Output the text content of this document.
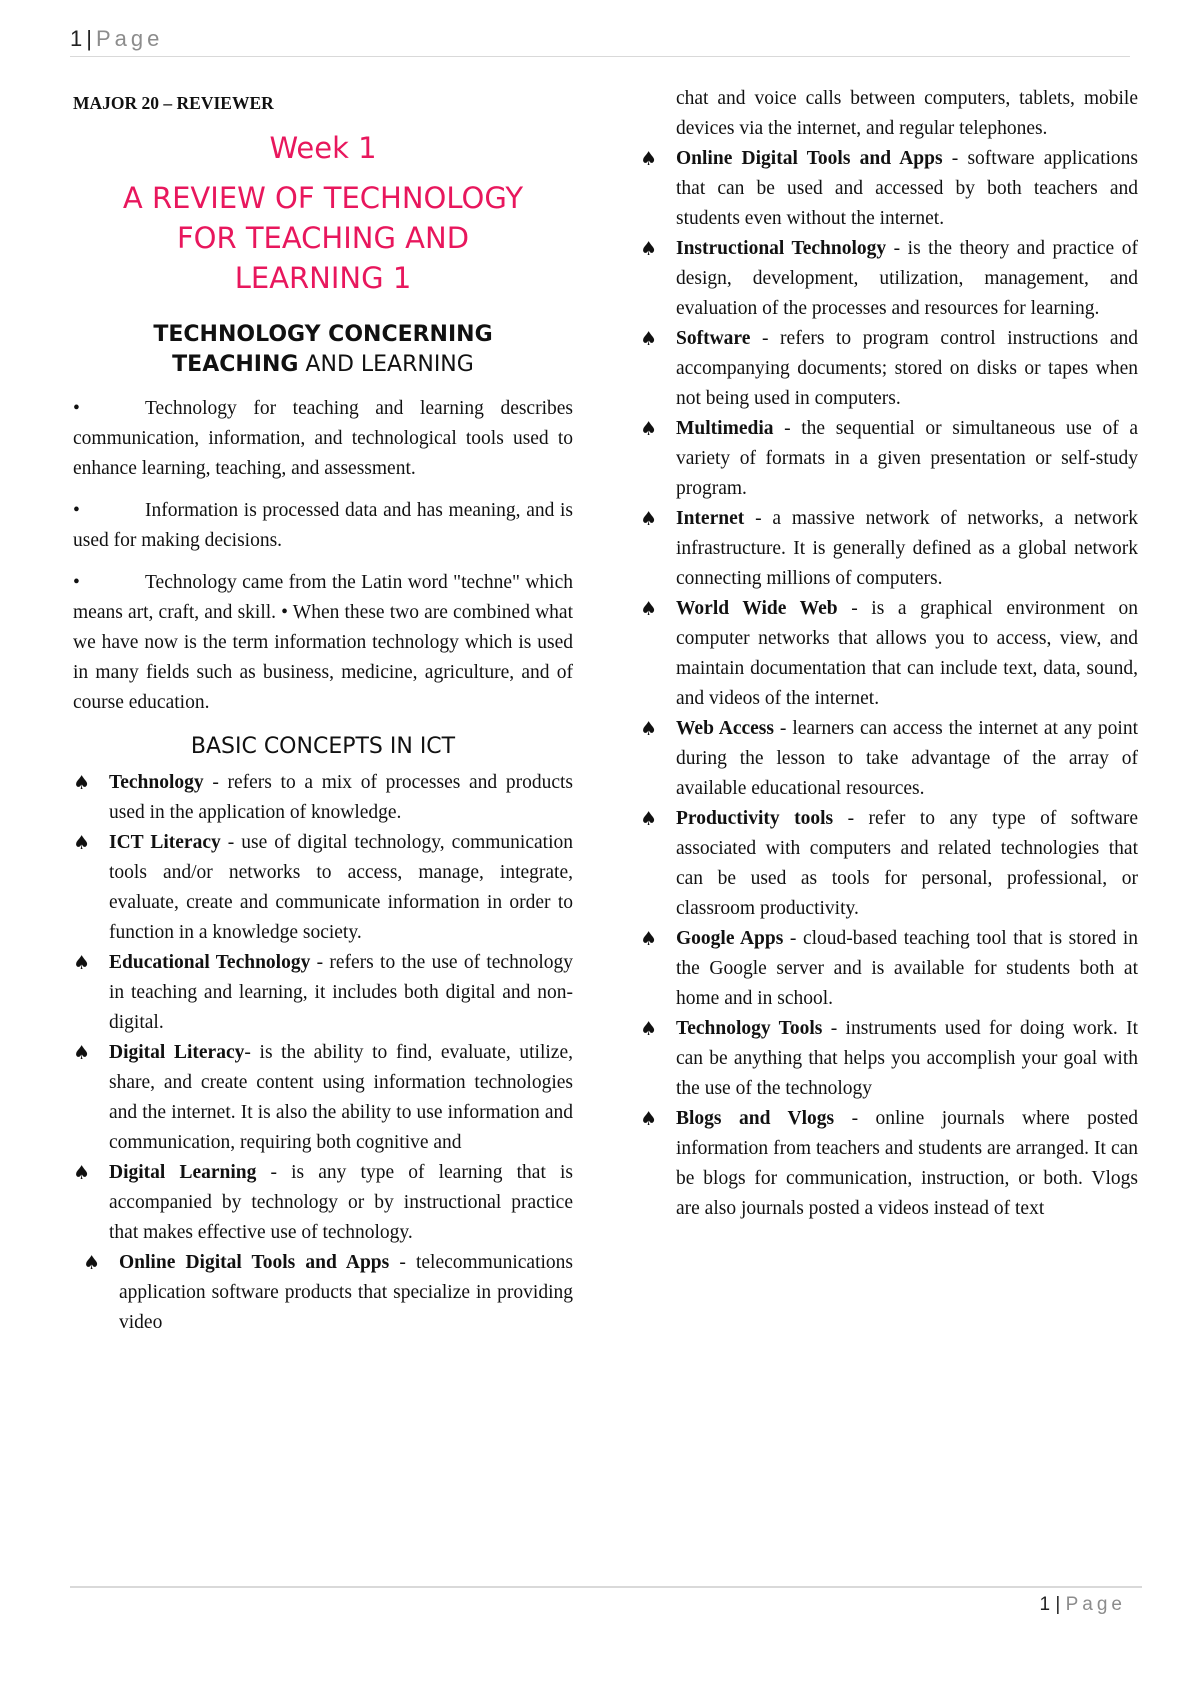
1 | Page
MAJOR 20 – REVIEWER
Week 1
A REVIEW OF TECHNOLOGY
FOR TEACHING AND
LEARNING 1
TECHNOLOGY CONCERNING
TEACHING AND LEARNING

•	Technology for teaching and learning describes communication, information, and technological tools used to enhance learning, teaching, and assessment.

•	Information is processed data and has meaning, and is used for making decisions.

•	Technology came from the Latin word "techne" which means art, craft, and skill. • When these two are combined what we have now is the term information technology which is used in many fields such as business, medicine, agriculture, and of course education.

BASIC CONCEPTS IN ICT
♠ Technology - refers to a mix of processes and products used in the application of knowledge.
♠ ICT Literacy - use of digital technology, communication tools and/or networks to access, manage, integrate, evaluate, create and communicate information in order to function in a knowledge society.
♠ Educational Technology - refers to the use of technology in teaching and learning, it includes both digital and non-digital.
♠ Digital Literacy- is the ability to find, evaluate, utilize, share, and create content using information technologies and the internet. It is also the ability to use information and communication, requiring both cognitive and
♠ Digital Learning - is any type of learning that is accompanied by technology or by instructional practice that makes effective use of technology.
♠ Online Digital Tools and Apps - telecommunications application software products that specialize in providing video

chat and voice calls between computers, tablets, mobile devices via the internet, and regular telephones.

♠ Online Digital Tools and Apps - software applications that can be used and accessed by both teachers and students even without the internet.
♠ Instructional Technology - is the theory and practice of design, development, utilization, management, and evaluation of the processes and resources for learning.
♠ Software - refers to program control instructions and accompanying documents; stored on disks or tapes when not being used in computers.
♠ Multimedia - the sequential or simultaneous use of a variety of formats in a given presentation or self-study program.
♠ Internet - a massive network of networks, a network infrastructure. It is generally defined as a global network connecting millions of computers.
♠ World Wide Web - is a graphical environment on computer networks that allows you to access, view, and maintain documentation that can include text, data, sound, and videos of the internet.
♠ Web Access - learners can access the internet at any point during the lesson to take advantage of the array of available educational resources.
♠ Productivity tools - refer to any type of software associated with computers and related technologies that can be used as tools for personal, professional, or classroom productivity.
♠ Google Apps - cloud-based teaching tool that is stored in the Google server and is available for students both at home and in school.
♠ Technology Tools - instruments used for doing work. It can be anything that helps you accomplish your goal with the use of the technology
♠ Blogs and Vlogs - online journals where posted information from teachers and students are arranged. It can be blogs for communication, instruction, or both. Vlogs are also journals posted a videos instead of text
1 | Page
